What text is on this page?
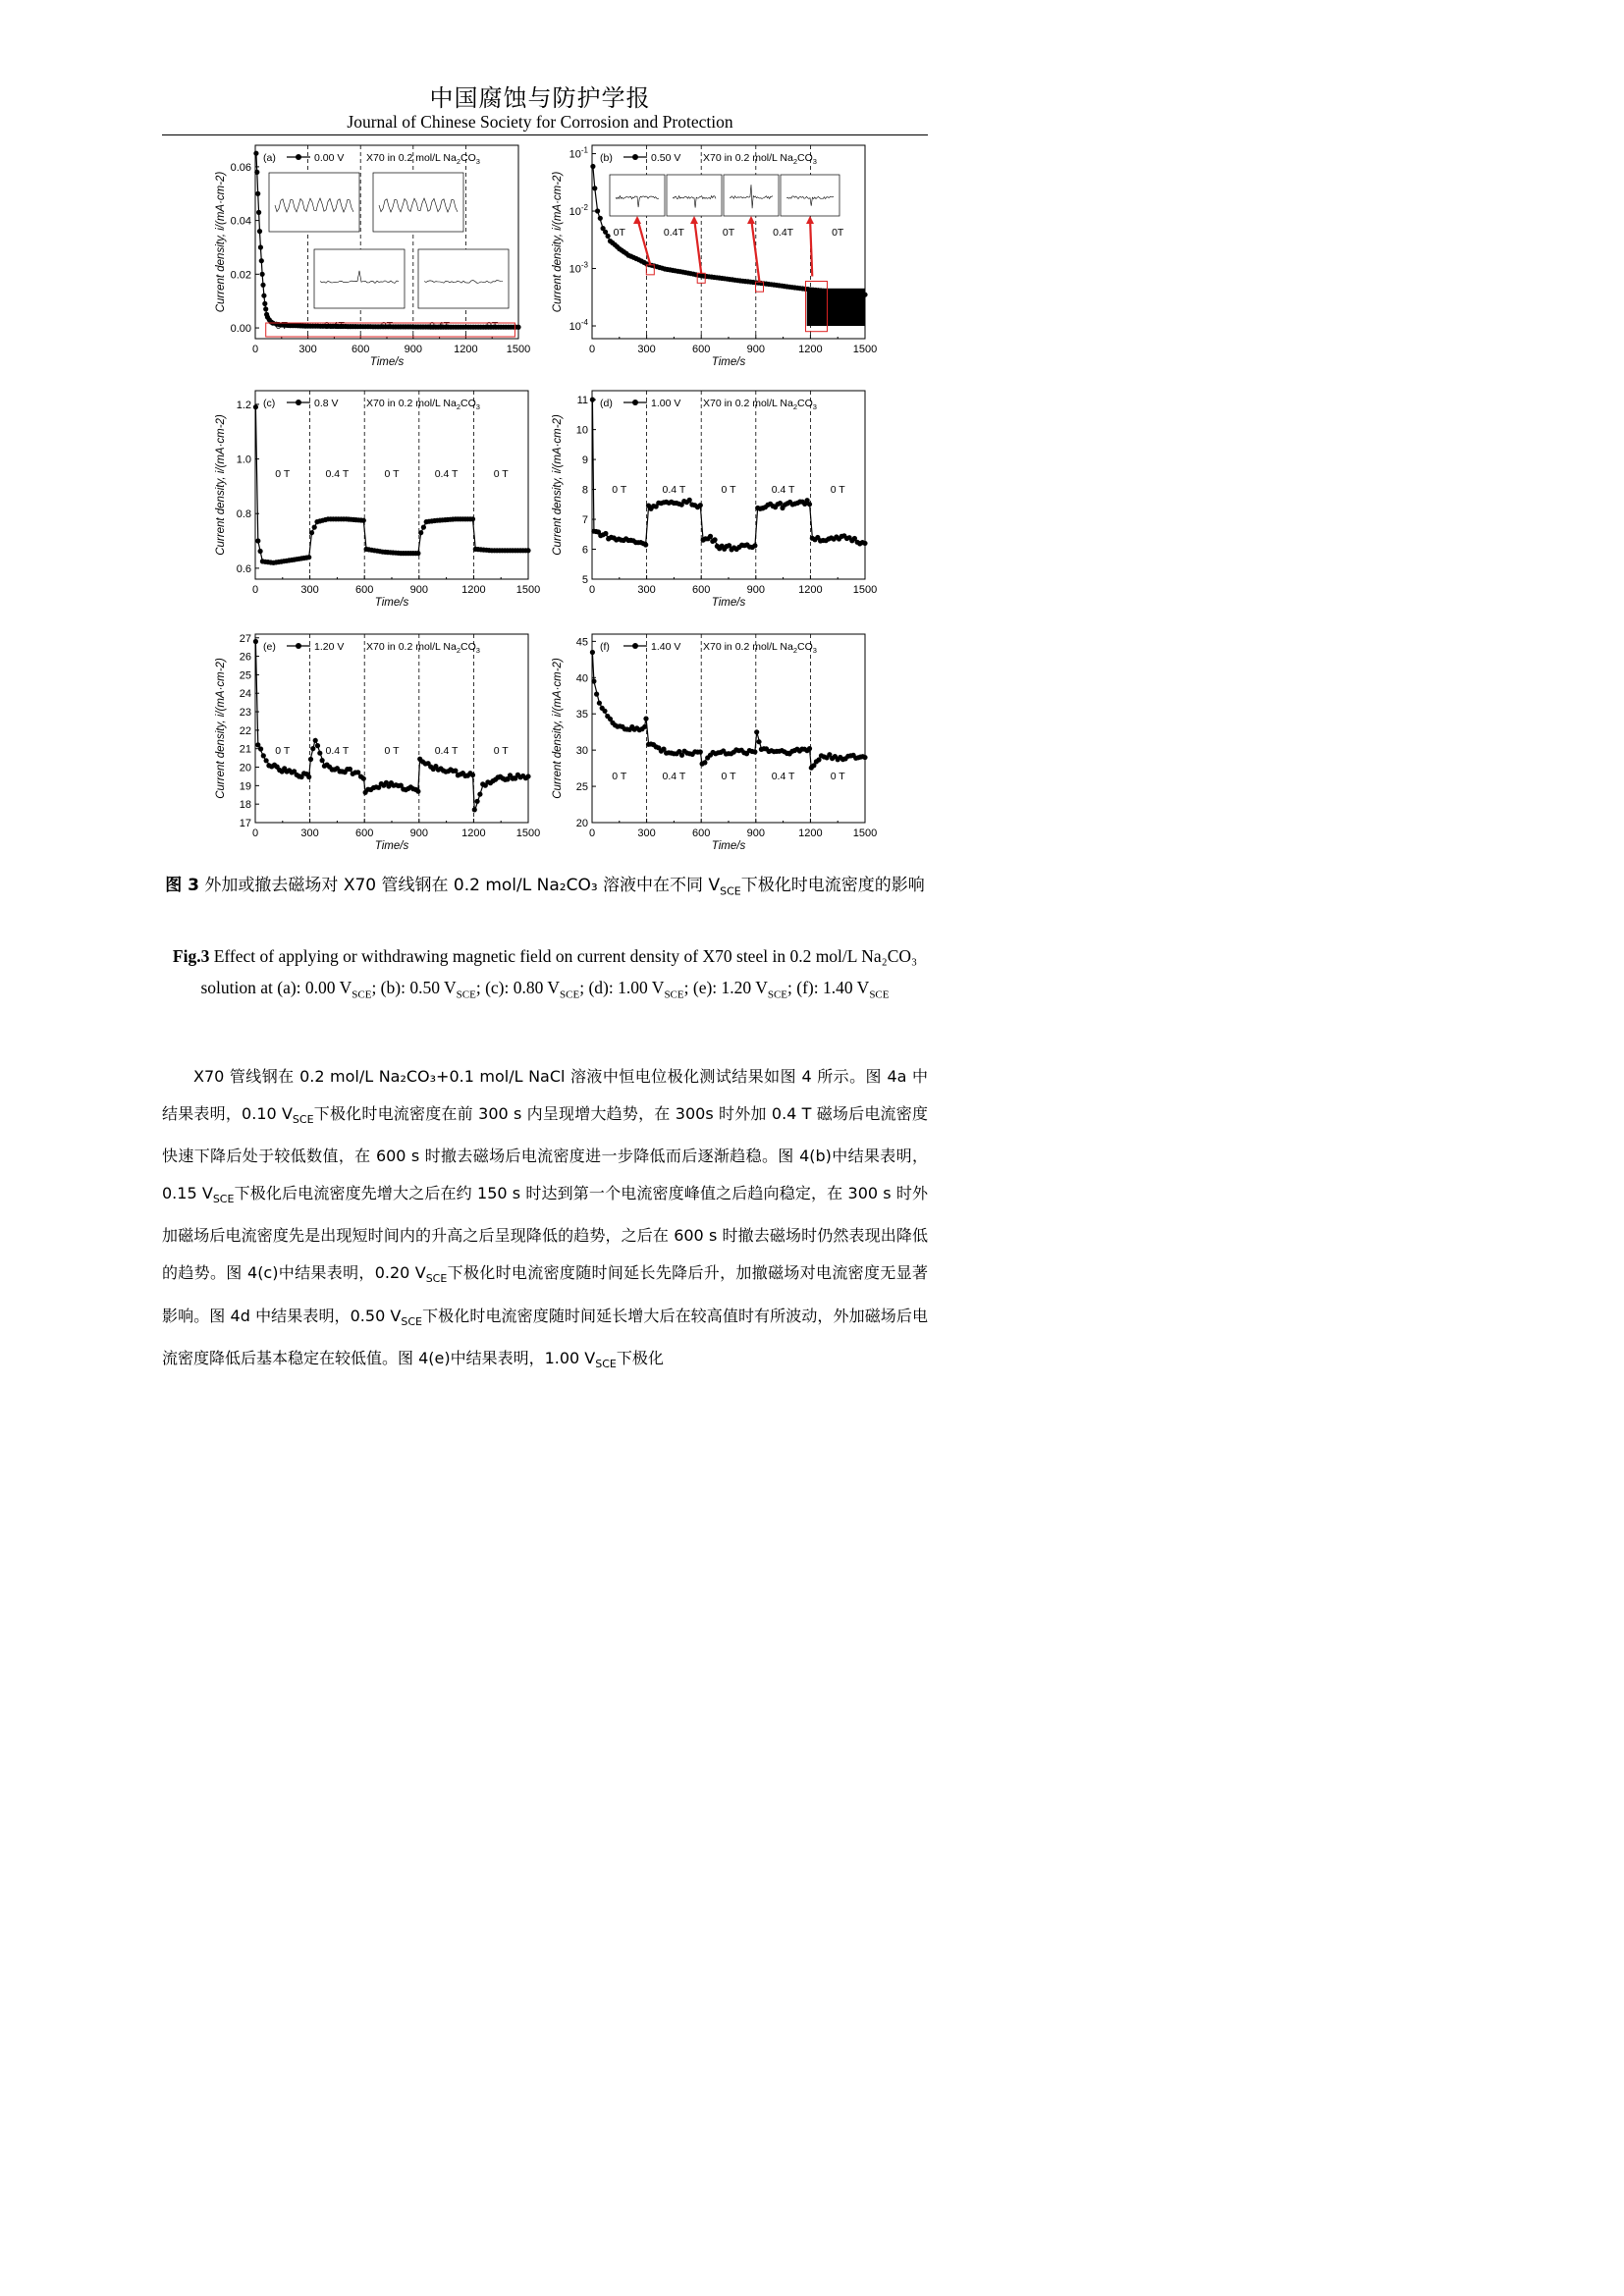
中国腐蚀与防护学报
Journal of Chinese Society for Corrosion and Protection
0	300	600	900	1200	1500
0.00
0.02
0.04
0.06
Time/s
Current density, i/(mA·cm-2)
(a)	0.00 V X70 in 0.2 mol/L $Na_2CO_3$
0	300	600	900	1200	1500
$10^{-4}$
$10^{-3}$
$10^{-2}$
$10^{-1}$
Time/s
Current density, i/(mA·cm-2)	0T	0.4T	0T	0.4T	0T
(b)	0.50 V X70 in 0.2 mol/L $Na_2CO_3$
0	300	600	900	1200	1500
0.6
0.8
1.0
1.2
Time/s
Current density, i/(mA·cm-2)	0 T	0.4 T	0 T	0.4 T	0 T
(c)	0.8 V	X70 in 0.2 mol/L $Na_2CO_3$
0	300	600	900	1200	1500
5
6
7
8
9
10
11
Time/s
Current density, i/(mA·cm-2)	0 T	0.4 T	0 T	0.4 T	0 T
(d)	1.00 V X70 in 0.2 mol/L $Na_2CO_3$
0	300	600	900	1200	1500
17
18
19
20
21
22
23
24
25
26
27
Time/s
Current density, i/(mA·cm-2)	0 T	0.4 T	0 T	0.4 T	0 T
(e)	1.20 V X70 in 0.2 mol/L $Na_2CO_3$
0	300	600	900	1200	1500
20
25
30
35
40
45
Time/s
Current density, i/(mA·cm-2)	0 T	0.4 T	0 T	0.4 T	0 T
(f)	1.40 V X70 in 0.2 mol/L $Na_2CO_3$
图 3 外加或撤去磁场对 X70 管线钢在 0.2 mol/L Na₂CO₃ 溶液中在不同 $V_{SCE}$下极化时电流密度的影响
Fig.3 Effect of applying or withdrawing magnetic field on current density of X70 steel in 0.2 mol/L Na₂CO₃ solution at (a): 0.00 $V_{SCE}$; (b): 0.50 $V_{SCE}$; (c): 0.80 $V_{SCE}$; (d): 1.00 $V_{SCE}$; (e): 1.20 $V_{SCE}$; (f): 1.40 $V_{SCE}$
X70 管线钢在 0.2 mol/L Na₂CO₃+0.1 mol/L NaCl 溶液中恒电位极化测试结果如图 4 所示。图 4a 中结果表明，0.10 $V_{SCE}$下极化时电流密度在前 300 s 内呈现增大趋势，在 300s 时外加 0.4 T 磁场后电流密度快速下降后处于较低数值，在 600 s 时撤去磁场后电流密度进一步降低而后逐渐趋稳。图 4(b)中结果表明，0.15 $V_{SCE}$下极化后电流密度先增大之后在约 150 s 时达到第一个电流密度峰值之后趋向稳定，在 300 s 时外加磁场后电流密度先是出现短时间内的升高之后呈现降低的趋势，之后在 600 s 时撤去磁场时仍然表现出降低的趋势。图 4(c)中结果表明，0.20 $V_{SCE}$下极化时电流密度随时间延长先降后升，加撤磁场对电流密度无显著影响。图 4d 中结果表明，0.50 $V_{SCE}$下极化时电流密度随时间延长增大后在较高值时有所波动，外加磁场后电流密度降低后基本稳定在较低值。图 4(e)中结果表明，1.00 $V_{SCE}$下极化
